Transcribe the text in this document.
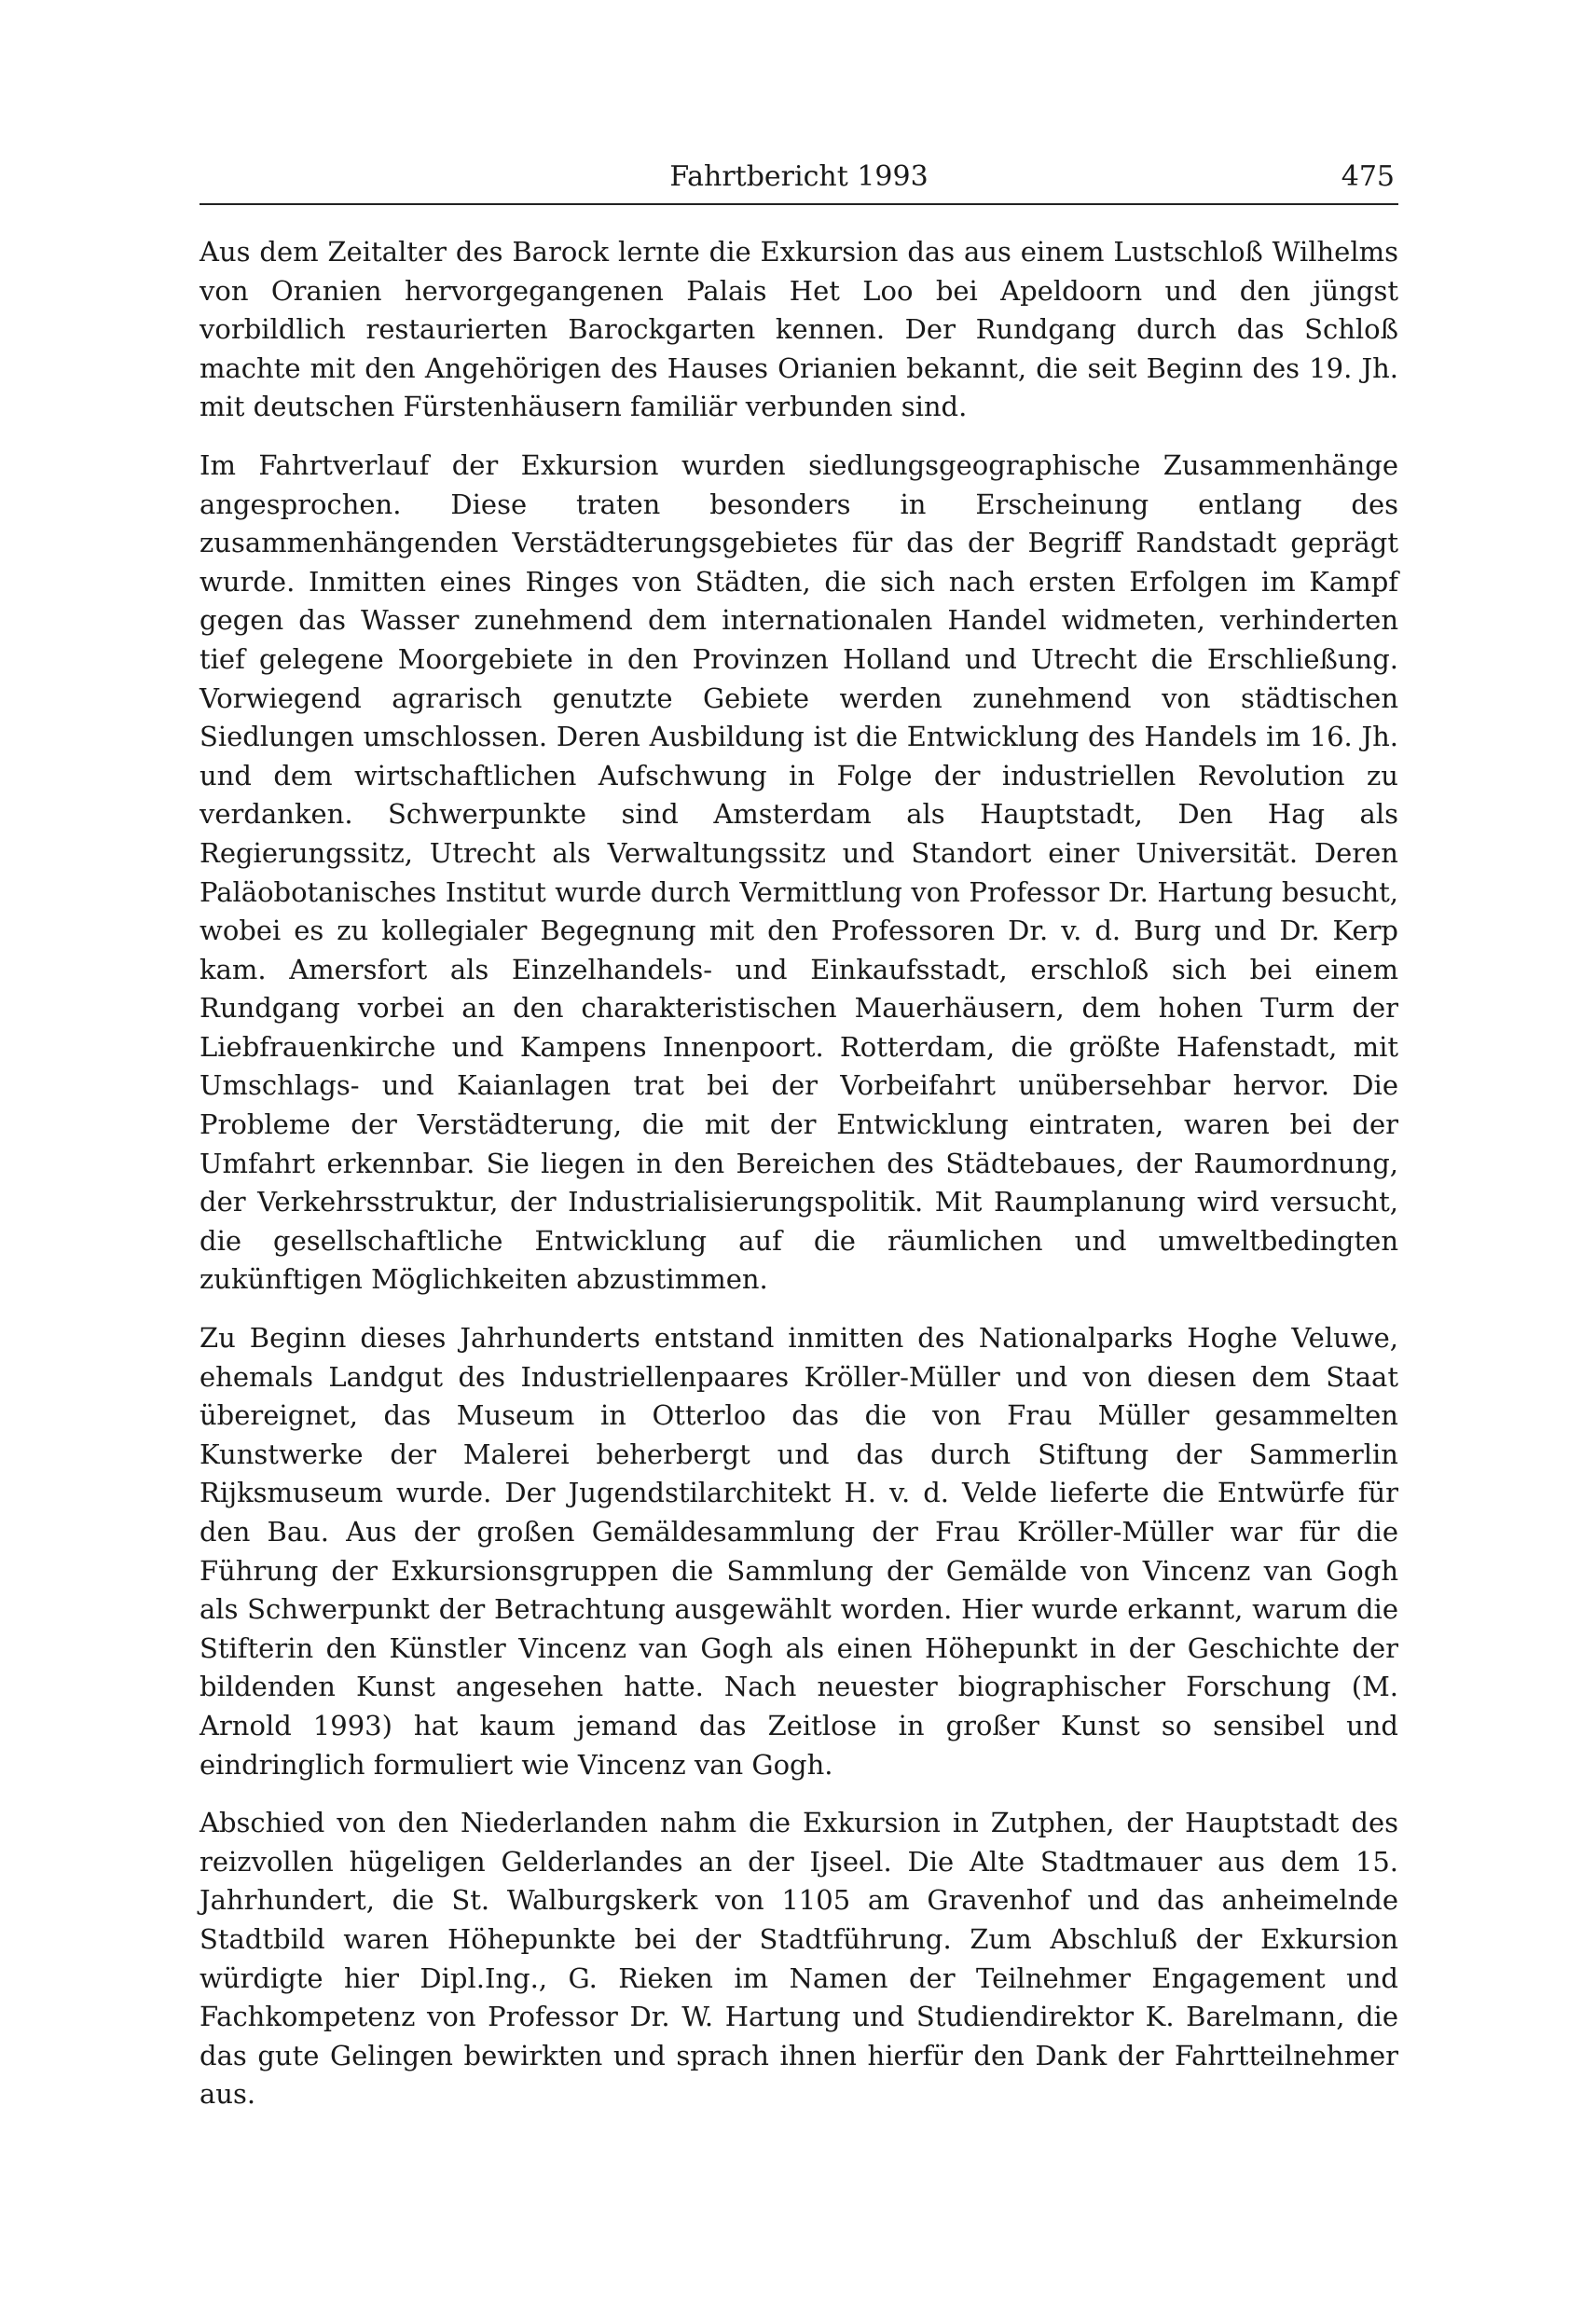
Fahrtbericht 1993	475

Aus dem Zeitalter des Barock lernte die Exkursion das aus einem Lustschloß Wilhelms von Oranien hervorgegangenen Palais Het Loo bei Apeldoorn und den jüngst vorbildlich restaurierten Barockgarten kennen. Der Rundgang durch das Schloß machte mit den Angehörigen des Hauses Orianien bekannt, die seit Beginn des 19. Jh. mit deutschen Fürstenhäusern familiär verbunden sind.

Im Fahrtverlauf der Exkursion wurden siedlungsgeographische Zusammenhänge angesprochen. Diese traten besonders in Erscheinung entlang des zusammenhängenden Verstädterungsgebietes für das der Begriff Randstadt geprägt wurde. Inmitten eines Ringes von Städten, die sich nach ersten Erfolgen im Kampf gegen das Wasser zunehmend dem internationalen Handel widmeten, verhinderten tief gelegene Moorgebiete in den Provinzen Holland und Utrecht die Erschließung. Vorwiegend agrarisch genutzte Gebiete werden zunehmend von städtischen Siedlungen umschlossen. Deren Ausbildung ist die Entwicklung des Handels im 16. Jh. und dem wirtschaftlichen Aufschwung in Folge der industriellen Revolution zu verdanken. Schwerpunkte sind Amsterdam als Hauptstadt, Den Hag als Regierungssitz, Utrecht als Verwaltungssitz und Standort einer Universität. Deren Paläobotanisches Institut wurde durch Vermittlung von Professor Dr. Hartung besucht, wobei es zu kollegialer Begegnung mit den Professoren Dr. v. d. Burg und Dr. Kerp kam. Amersfort als Einzelhandels- und Einkaufsstadt, erschloß sich bei einem Rundgang vorbei an den charakteristischen Mauerhäusern, dem hohen Turm der Liebfrauenkirche und Kampens Innenpoort. Rotterdam, die größte Hafenstadt, mit Umschlags- und Kaianlagen trat bei der Vorbeifahrt unübersehbar hervor. Die Probleme der Verstädterung, die mit der Entwicklung eintraten, waren bei der Umfahrt erkennbar. Sie liegen in den Bereichen des Städtebaues, der Raumordnung, der Verkehrsstruktur, der Industrialisierungspolitik. Mit Raumplanung wird versucht, die gesellschaftliche Entwicklung auf die räumlichen und umweltbedingten zukünftigen Möglichkeiten abzustimmen.

Zu Beginn dieses Jahrhunderts entstand inmitten des Nationalparks Hoghe Veluwe, ehemals Landgut des Industriellenpaares Kröller-Müller und von diesen dem Staat übereignet, das Museum in Otterloo das die von Frau Müller gesammelten Kunstwerke der Malerei beherbergt und das durch Stiftung der Sammerlin Rijksmuseum wurde. Der Jugendstilarchitekt H. v. d. Velde lieferte die Entwürfe für den Bau. Aus der großen Gemäldesammlung der Frau Kröller-Müller war für die Führung der Exkursionsgruppen die Sammlung der Gemälde von Vincenz van Gogh als Schwerpunkt der Betrachtung ausgewählt worden. Hier wurde erkannt, warum die Stifterin den Künstler Vincenz van Gogh als einen Höhepunkt in der Geschichte der bildenden Kunst angesehen hatte. Nach neuester biographischer Forschung (M. Arnold 1993) hat kaum jemand das Zeitlose in großer Kunst so sensibel und eindringlich formuliert wie Vincenz van Gogh.

Abschied von den Niederlanden nahm die Exkursion in Zutphen, der Hauptstadt des reizvollen hügeligen Gelderlandes an der Ijseel. Die Alte Stadtmauer aus dem 15. Jahrhundert, die St. Walburgskerk von 1105 am Gravenhof und das anheimelnde Stadtbild waren Höhepunkte bei der Stadtführung. Zum Abschluß der Exkursion würdigte hier Dipl.Ing., G. Rieken im Namen der Teilnehmer Engagement und Fachkompetenz von Professor Dr. W. Hartung und Studiendirektor K. Barelmann, die das gute Gelingen bewirkten und sprach ihnen hierfür den Dank der Fahrtteilnehmer aus.
